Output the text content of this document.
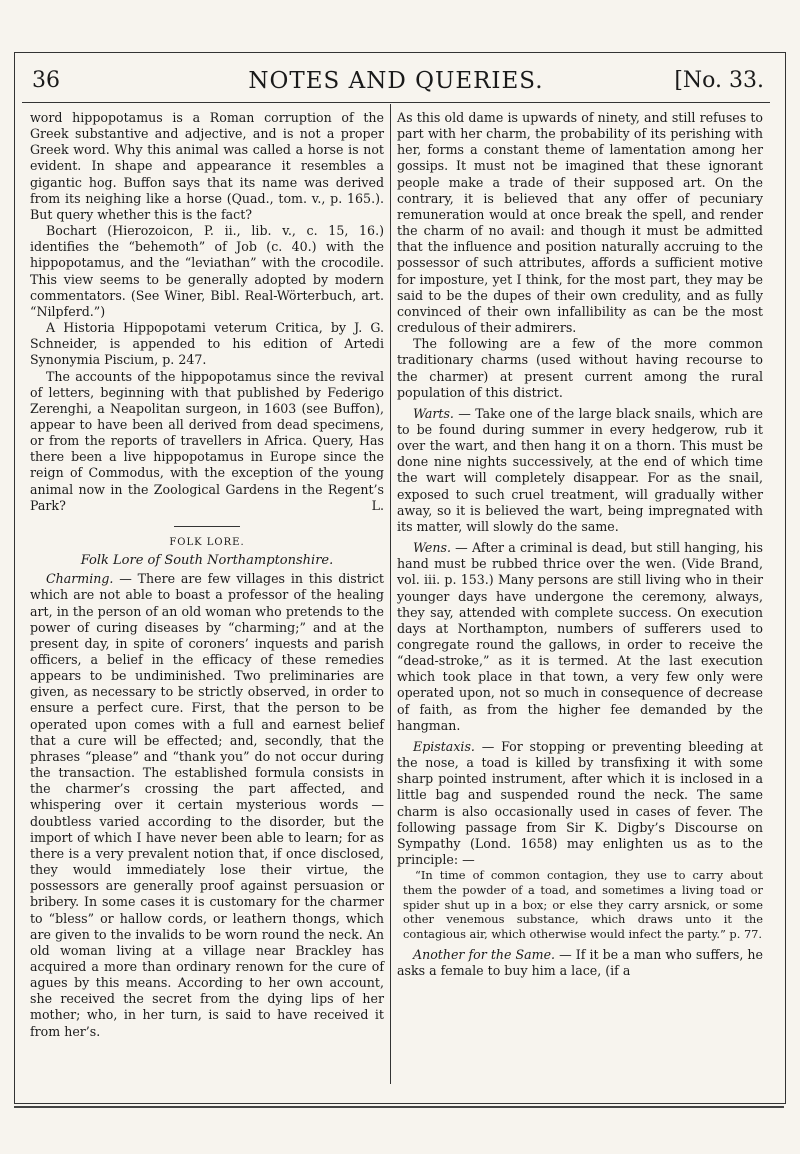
36	NOTES AND QUERIES.	[No. 33.

word hippopotamus is a Roman corruption of the Greek substantive and adjective, and is not a proper Greek word. Why this animal was called a horse is not evident. In shape and appearance it resembles a gigantic hog. Buffon says that its name was derived from its neighing like a horse (Quad., tom. v., p. 165.). But query whether this is the fact?

Bochart (Hierozoicon, P. ii., lib. v., c. 15, 16.) identifies the “behemoth” of Job (c. 40.) with the hippopotamus, and the “leviathan” with the crocodile. This view seems to be generally adopted by modern commentators. (See Winer, Bibl. Real-Wörterbuch, art. “Nilpferd.”)

A Historia Hippopotami veterum Critica, by J. G. Schneider, is appended to his edition of Artedi Synonymia Piscium, p. 247.

The accounts of the hippopotamus since the revival of letters, beginning with that published by Federigo Zerenghi, a Neapolitan surgeon, in 1603 (see Buffon), appear to have been all derived from dead specimens, or from the reports of travellers in Africa. Query, Has there been a live hippopotamus in Europe since the reign of Commodus, with the exception of the young animal now in the Zoological Gardens in the Regent’s Park?	L.

FOLK LORE.
Folk Lore of South Northamptonshire.

Charming. — There are few villages in this district which are not able to boast a professor of the healing art, in the person of an old woman who pretends to the power of curing diseases by “charming;” and at the present day, in spite of coroners’ inquests and parish officers, a belief in the efficacy of these remedies appears to be undiminished. Two preliminaries are given, as necessary to be strictly observed, in order to ensure a perfect cure. First, that the person to be operated upon comes with a full and earnest belief that a cure will be effected; and, secondly, that the phrases “please” and “thank you” do not occur during the transaction. The established formula consists in the charmer’s crossing the part affected, and whispering over it certain mysterious words — doubtless varied according to the disorder, but the import of which I have never been able to learn; for as there is a very prevalent notion that, if once disclosed, they would immediately lose their virtue, the possessors are generally proof against persuasion or bribery. In some cases it is customary for the charmer to “bless” or hallow cords, or leathern thongs, which are given to the invalids to be worn round the neck. An old woman living at a village near Brackley has acquired a more than ordinary renown for the cure of agues by this means. According to her own account, she received the secret from the dying lips of her mother; who, in her turn, is said to have received it from her’s.

As this old dame is upwards of ninety, and still refuses to part with her charm, the probability of its perishing with her, forms a constant theme of lamentation among her gossips. It must not be imagined that these ignorant people make a trade of their supposed art. On the contrary, it is believed that any offer of pecuniary remuneration would at once break the spell, and render the charm of no avail: and though it must be admitted that the influence and position naturally accruing to the possessor of such attributes, affords a sufficient motive for imposture, yet I think, for the most part, they may be said to be the dupes of their own credulity, and as fully convinced of their own infallibility as can be the most credulous of their admirers.

The following are a few of the more common traditionary charms (used without having recourse to the charmer) at present current among the rural population of this district.

Warts. — Take one of the large black snails, which are to be found during summer in every hedgerow, rub it over the wart, and then hang it on a thorn. This must be done nine nights successively, at the end of which time the wart will completely disappear. For as the snail, exposed to such cruel treatment, will gradually wither away, so it is believed the wart, being impregnated with its matter, will slowly do the same.

Wens. — After a criminal is dead, but still hanging, his hand must be rubbed thrice over the wen. (Vide Brand, vol. iii. p. 153.) Many persons are still living who in their younger days have undergone the ceremony, always, they say, attended with complete success. On execution days at Northampton, numbers of sufferers used to congregate round the gallows, in order to receive the “dead-stroke,” as it is termed. At the last execution which took place in that town, a very few only were operated upon, not so much in consequence of decrease of faith, as from the higher fee demanded by the hangman.

Epistaxis. — For stopping or preventing bleeding at the nose, a toad is killed by transfixing it with some sharp pointed instrument, after which it is inclosed in a little bag and suspended round the neck. The same charm is also occasionally used in cases of fever. The following passage from Sir K. Digby’s Discourse on Sympathy (Lond. 1658) may enlighten us as to the principle: —

“In time of common contagion, they use to carry about them the powder of a toad, and sometimes a living toad or spider shut up in a box; or else they carry arsnick, or some other venemous substance, which draws unto it the contagious air, which otherwise would infect the party.” p. 77.

Another for the Same. — If it be a man who suffers, he asks a female to buy him a lace, (if a
